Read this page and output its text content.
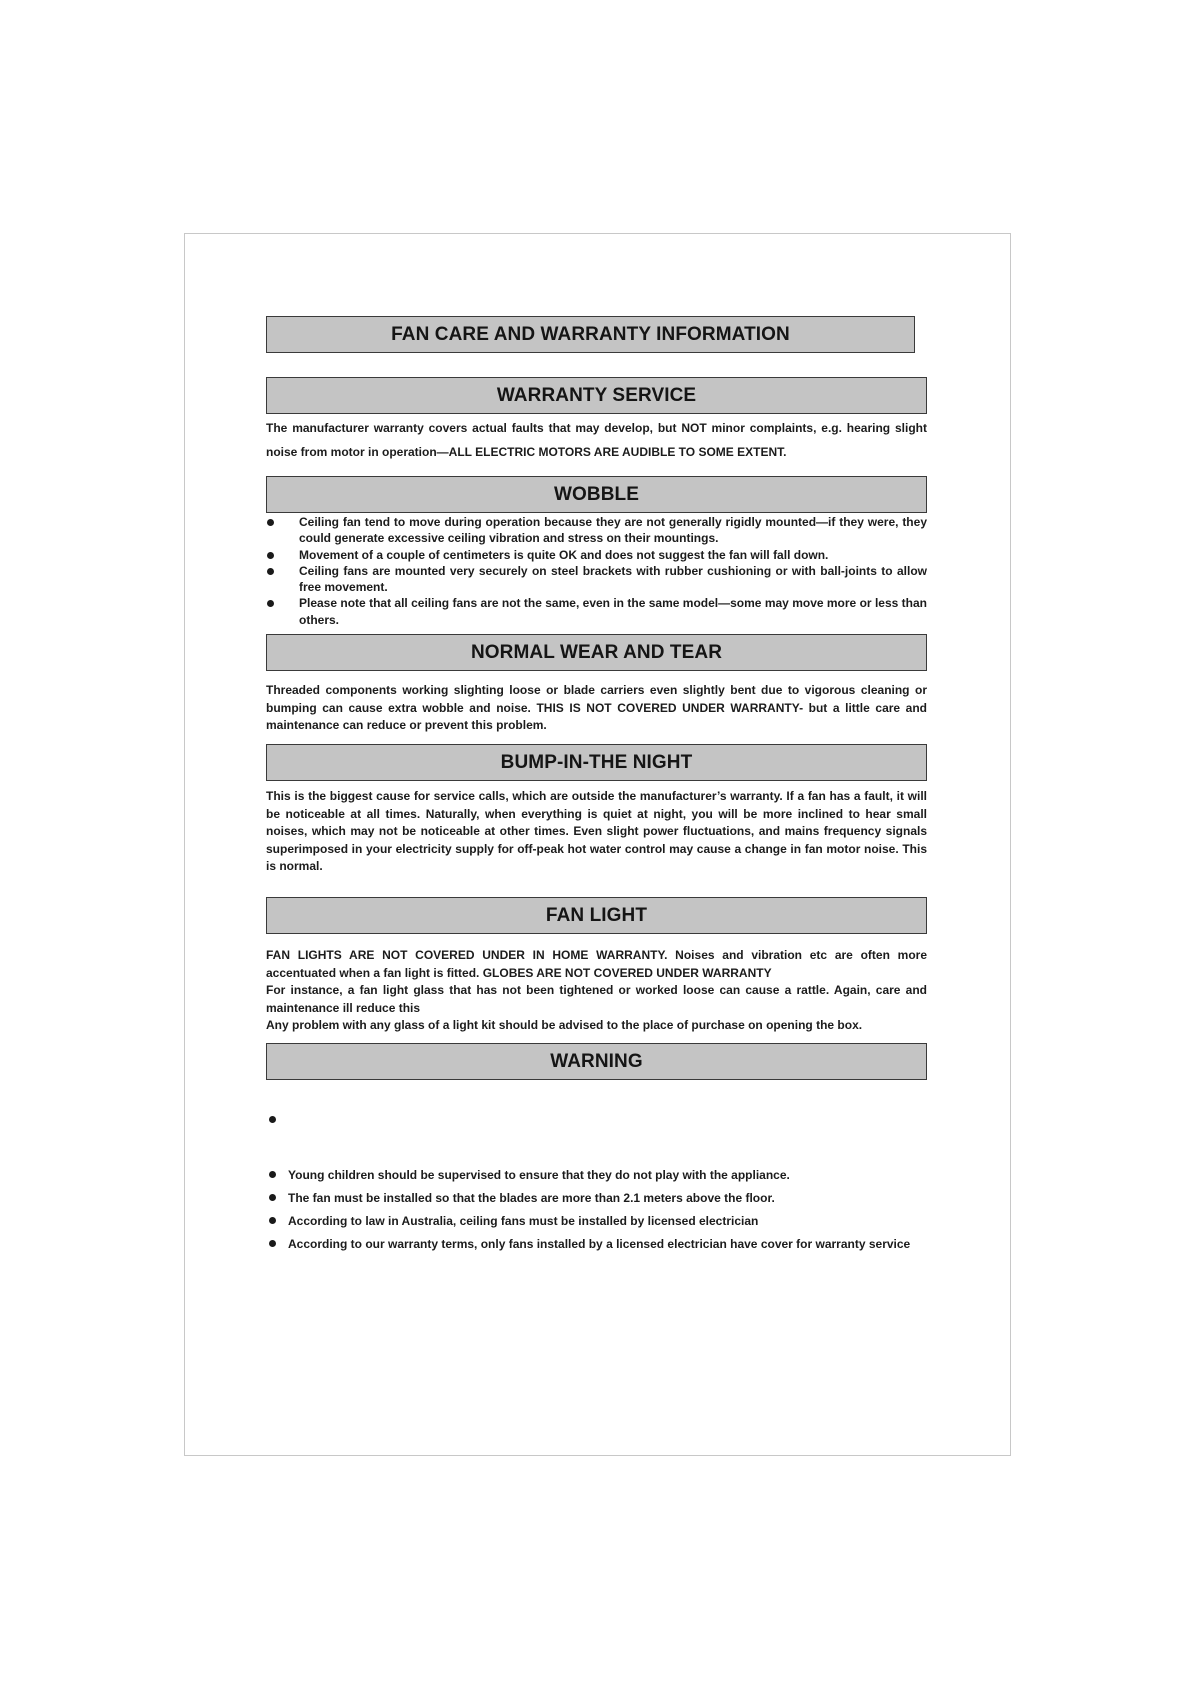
FAN CARE AND WARRANTY INFORMATION
WARRANTY SERVICE
The manufacturer warranty covers actual faults that may develop, but NOT minor complaints, e.g. hearing slight noise from motor in operation—ALL ELECTRIC MOTORS ARE AUDIBLE TO SOME EXTENT.
WOBBLE
Ceiling fan tend to move during operation because they are not generally rigidly mounted—if they were, they could generate excessive ceiling vibration and stress on their mountings.
Movement of a couple of centimeters is quite OK and does not suggest the fan will fall down.
Ceiling fans are mounted very securely on steel brackets with rubber cushioning or with ball-joints to allow free movement.
Please note that all ceiling fans are not the same, even in the same model—some may move more or less than others.
NORMAL WEAR AND TEAR
Threaded components working slighting loose or blade carriers even slightly bent due to vigorous cleaning or bumping can cause extra wobble and noise. THIS IS NOT COVERED UNDER WARRANTY- but a little care and maintenance can reduce or prevent this problem.
BUMP-IN-THE NIGHT
This is the biggest cause for service calls, which are outside the manufacturer’s warranty. If a fan has a fault, it will be noticeable at all times. Naturally, when everything is quiet at night, you will be more inclined to hear small noises, which may not be noticeable at other times. Even slight power fluctuations, and mains frequency signals superimposed in your electricity supply for off-peak hot water control may cause a change in fan motor noise. This is normal.
FAN LIGHT

FAN LIGHTS ARE NOT COVERED UNDER IN HOME WARRANTY. Noises and vibration etc are often more accentuated when a fan light is fitted. GLOBES ARE NOT COVERED UNDER WARRANTY

For instance, a fan light glass that has not been tightened or worked loose can cause a rattle. Again, care and maintenance ill reduce this

Any problem with any glass of a light kit should be advised to the place of purchase on opening the box.

WARNING
Young children should be supervised to ensure that they do not play with the appliance.
The fan must be installed so that the blades are more than 2.1 meters above the floor.
According to law in Australia, ceiling fans must be installed by licensed electrician
According to our warranty terms, only fans installed by a licensed electrician have cover for warranty service
